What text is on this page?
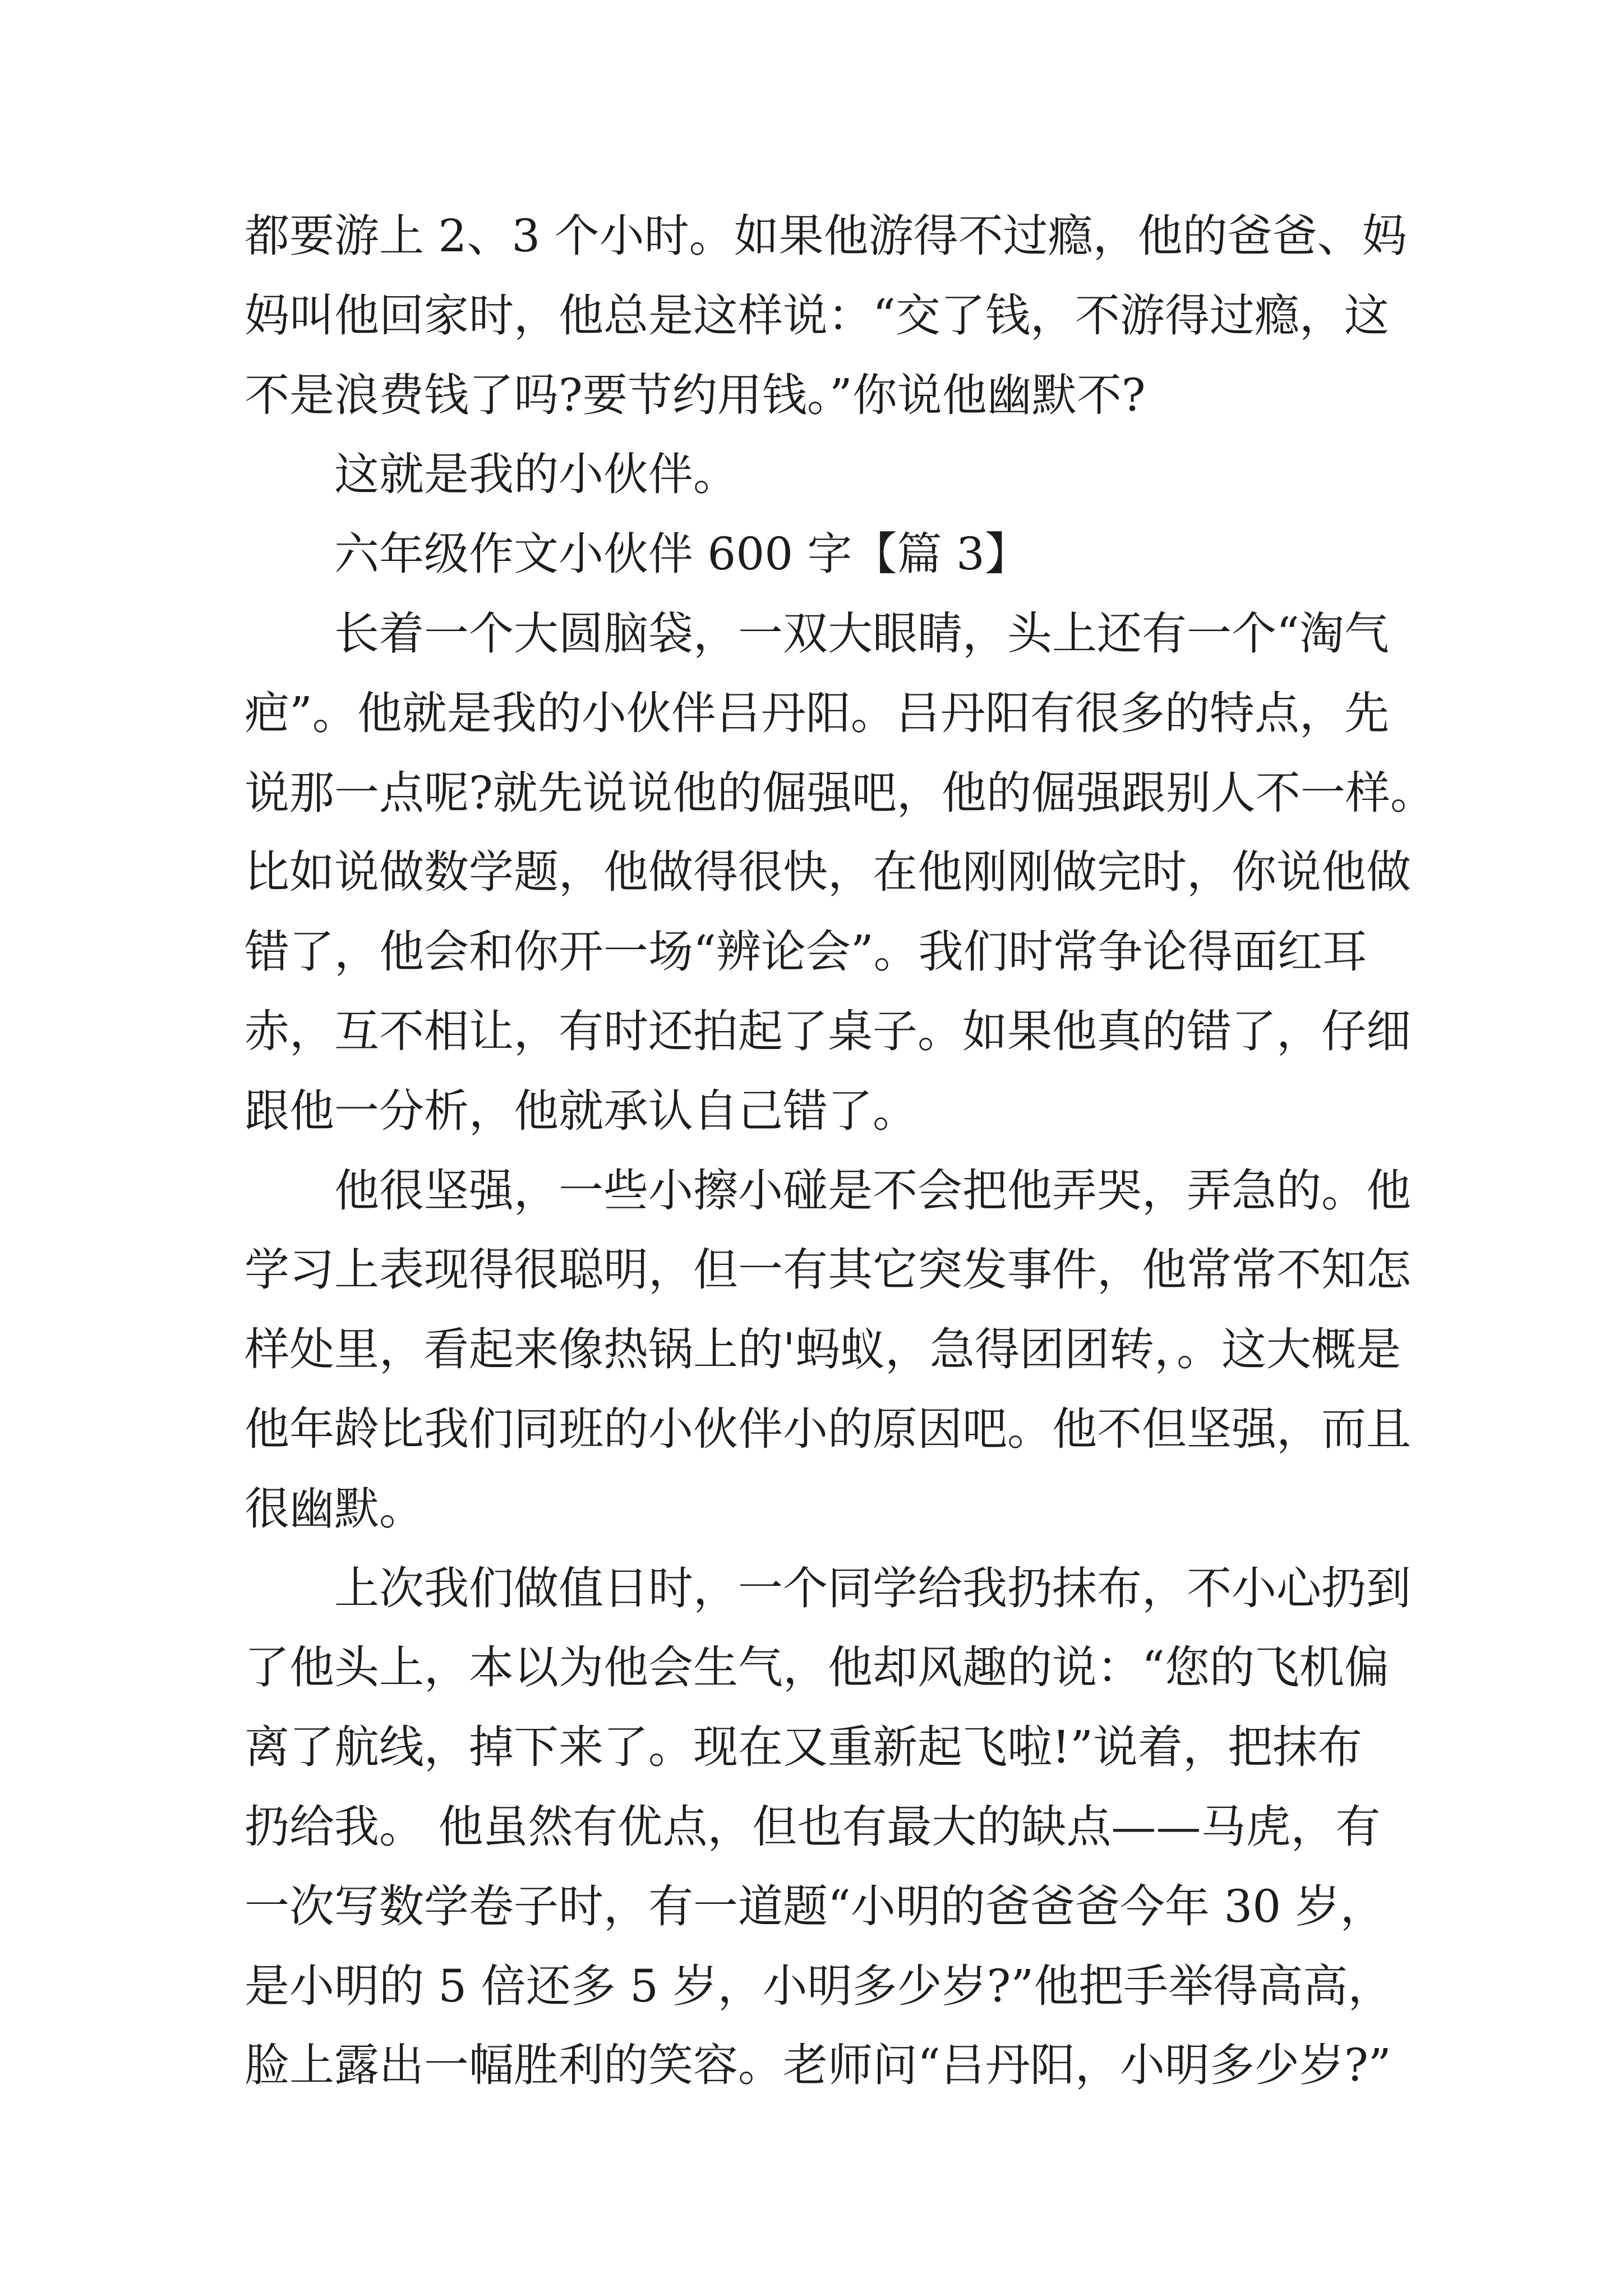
都要游上 2、3 个小时。如果他游得不过瘾，他的爸爸、妈
妈叫他回家时，他总是这样说：“交了钱，不游得过瘾，这
不是浪费钱了吗?要节约用钱。”你说他幽默不?
这就是我的小伙伴。
六年级作文小伙伴 600 字【篇 3】
长着一个大圆脑袋，一双大眼睛，头上还有一个“淘气
疤”。他就是我的小伙伴吕丹阳。吕丹阳有很多的特点，先
说那一点呢?就先说说他的倔强吧，他的倔强跟别人不一样。
比如说做数学题，他做得很快，在他刚刚做完时，你说他做
错了，他会和你开一场“辨论会”。我们时常争论得面红耳
赤，互不相让，有时还拍起了桌子。如果他真的错了，仔细
跟他一分析，他就承认自己错了。
他很坚强，一些小擦小碰是不会把他弄哭，弄急的。他
学习上表现得很聪明，但一有其它突发事件，他常常不知怎
样处里，看起来像热锅上的'蚂蚁，急得团团转，。这大概是
他年龄比我们同班的小伙伴小的原因吧。他不但坚强，而且
很幽默。
上次我们做值日时，一个同学给我扔抹布，不小心扔到
了他头上，本以为他会生气，他却风趣的说：“您的飞机偏
离了航线，掉下来了。现在又重新起飞啦!”说着，把抹布
扔给我。 他虽然有优点，但也有最大的缺点——马虎，有
一次写数学卷子时，有一道题“小明的爸爸爸今年 30 岁，
是小明的 5 倍还多 5 岁，小明多少岁?”他把手举得高高，
脸上露出一幅胜利的笑容。老师问“吕丹阳，小明多少岁?”
